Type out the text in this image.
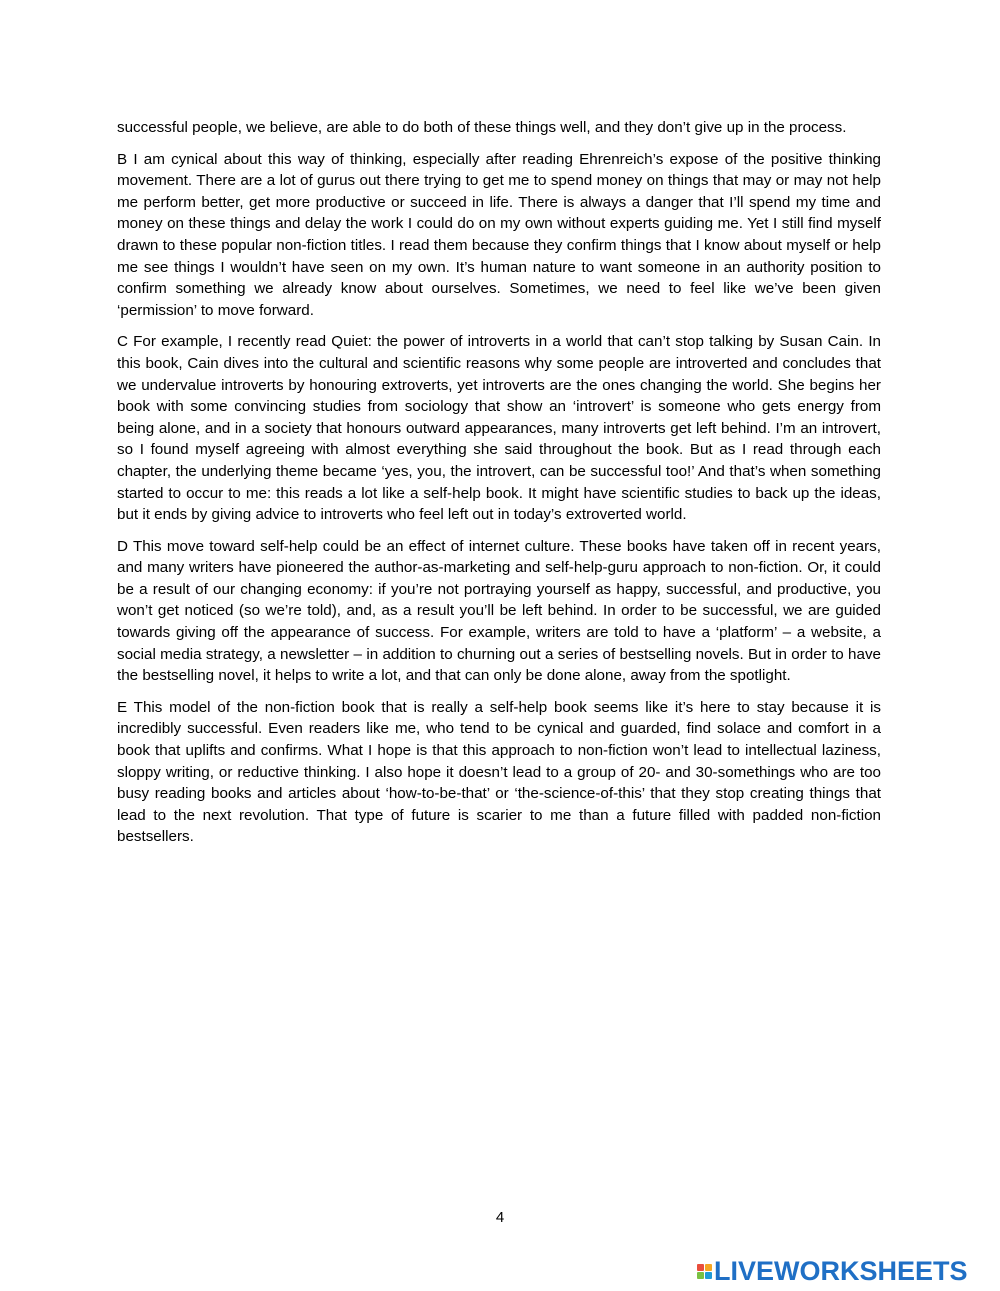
successful people, we believe, are able to do both of these things well, and they don’t give up in the process.

B I am cynical about this way of thinking, especially after reading Ehrenreich’s expose of the positive thinking movement. There are a lot of gurus out there trying to get me to spend money on things that may or may not help me perform better, get more productive or succeed in life. There is always a danger that I’ll spend my time and money on these things and delay the work I could do on my own without experts guiding me. Yet I still find myself drawn to these popular non-fiction titles. I read them because they confirm things that I know about myself or help me see things I wouldn’t have seen on my own. It’s human nature to want someone in an authority position to confirm something we already know about ourselves. Sometimes, we need to feel like we’ve been given ‘permission’ to move forward.

C For example, I recently read Quiet: the power of introverts in a world that can’t stop talking by Susan Cain. In this book, Cain dives into the cultural and scientific reasons why some people are introverted and concludes that we undervalue introverts by honouring extroverts, yet introverts are the ones changing the world. She begins her book with some convincing studies from sociology that show an ‘introvert’ is someone who gets energy from being alone, and in a society that honours outward appearances, many introverts get left behind. I’m an introvert, so I found myself agreeing with almost everything she said throughout the book. But as I read through each chapter, the underlying theme became ‘yes, you, the introvert, can be successful too!’ And that’s when something started to occur to me: this reads a lot like a self-help book. It might have scientific studies to back up the ideas, but it ends by giving advice to introverts who feel left out in today’s extroverted world.

D This move toward self-help could be an effect of internet culture. These books have taken off in recent years, and many writers have pioneered the author-as-marketing and self-help-guru approach to non-fiction. Or, it could be a result of our changing economy: if you’re not portraying yourself as happy, successful, and productive, you won’t get noticed (so we’re told), and, as a result you’ll be left behind. In order to be successful, we are guided towards giving off the appearance of success. For example, writers are told to have a ‘platform’ – a website, a social media strategy, a newsletter – in addition to churning out a series of bestselling novels. But in order to have the bestselling novel, it helps to write a lot, and that can only be done alone, away from the spotlight.

E This model of the non-fiction book that is really a self-help book seems like it’s here to stay because it is incredibly successful. Even readers like me, who tend to be cynical and guarded, find solace and comfort in a book that uplifts and confirms. What I hope is that this approach to non-fiction won’t lead to intellectual laziness, sloppy writing, or reductive thinking. I also hope it doesn’t lead to a group of 20- and 30-somethings who are too busy reading books and articles about ‘how-to-be-that’ or ‘the-science-of-this’ that they stop creating things that lead to the next revolution. That type of future is scarier to me than a future filled with padded non-fiction bestsellers.

4
LIVEWORKSHEETS
